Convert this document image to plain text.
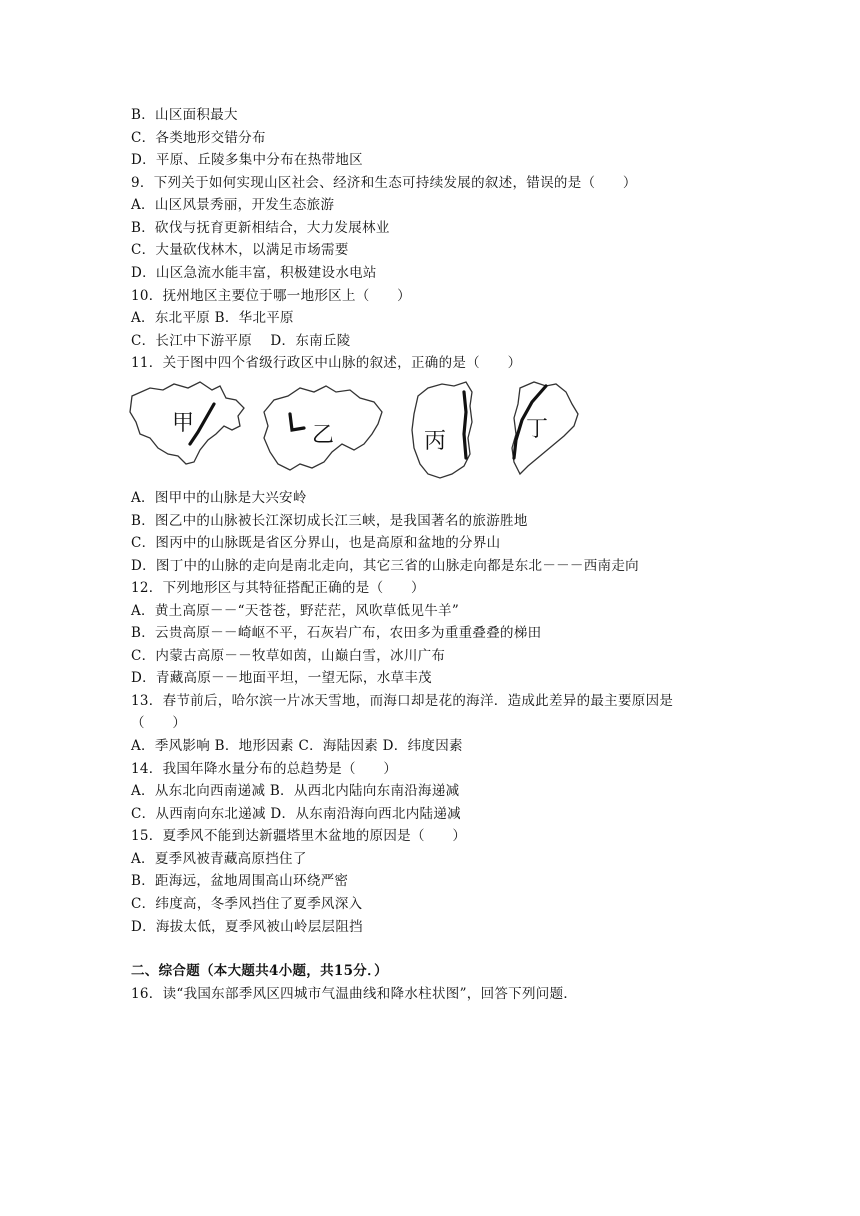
B．山区面积最大
C．各类地形交错分布
D．平原、丘陵多集中分布在热带地区
9．下列关于如何实现山区社会、经济和生态可持续发展的叙述，错误的是（　　）
A．山区风景秀丽，开发生态旅游
B．砍伐与抚育更新相结合，大力发展林业
C．大量砍伐林木，以满足市场需要
D．山区急流水能丰富，积极建设水电站
10．抚州地区主要位于哪一地形区上（　　）
A．东北平原 B．华北平原
C．长江中下游平原　 D．东南丘陵
11．关于图中四个省级行政区中山脉的叙述，正确的是（　　）
甲	乙	丙	丁
A．图甲中的山脉是大兴安岭
B．图乙中的山脉被长江深切成长江三峡，是我国著名的旅游胜地
C．图丙中的山脉既是省区分界山，也是高原和盆地的分界山
D．图丁中的山脉的走向是南北走向，其它三省的山脉走向都是东北－－－西南走向
12．下列地形区与其特征搭配正确的是（　　）
A．黄土高原－－“天苍苍，野茫茫，风吹草低见牛羊”
B．云贵高原－－崎岖不平，石灰岩广布，农田多为重重叠叠的梯田
C．内蒙古高原－－牧草如茵，山巅白雪，冰川广布
D．青藏高原－－地面平坦，一望无际，水草丰茂
13．春节前后，哈尔滨一片冰天雪地，而海口却是花的海洋．造成此差异的最主要原因是
（　　）
A．季风影响 B．地形因素 C．海陆因素 D．纬度因素
14．我国年降水量分布的总趋势是（　　）
A．从东北向西南递减 B．从西北内陆向东南沿海递减
C．从西南向东北递减 D．从东南沿海向西北内陆递减
15．夏季风不能到达新疆塔里木盆地的原因是（　　）
A．夏季风被青藏高原挡住了
B．距海远，盆地周围高山环绕严密
C．纬度高，冬季风挡住了夏季风深入
D．海拔太低，夏季风被山岭层层阻挡
二、综合题（本大题共4小题，共15分．）
16．读“我国东部季风区四城市气温曲线和降水柱状图”，回答下列问题．
